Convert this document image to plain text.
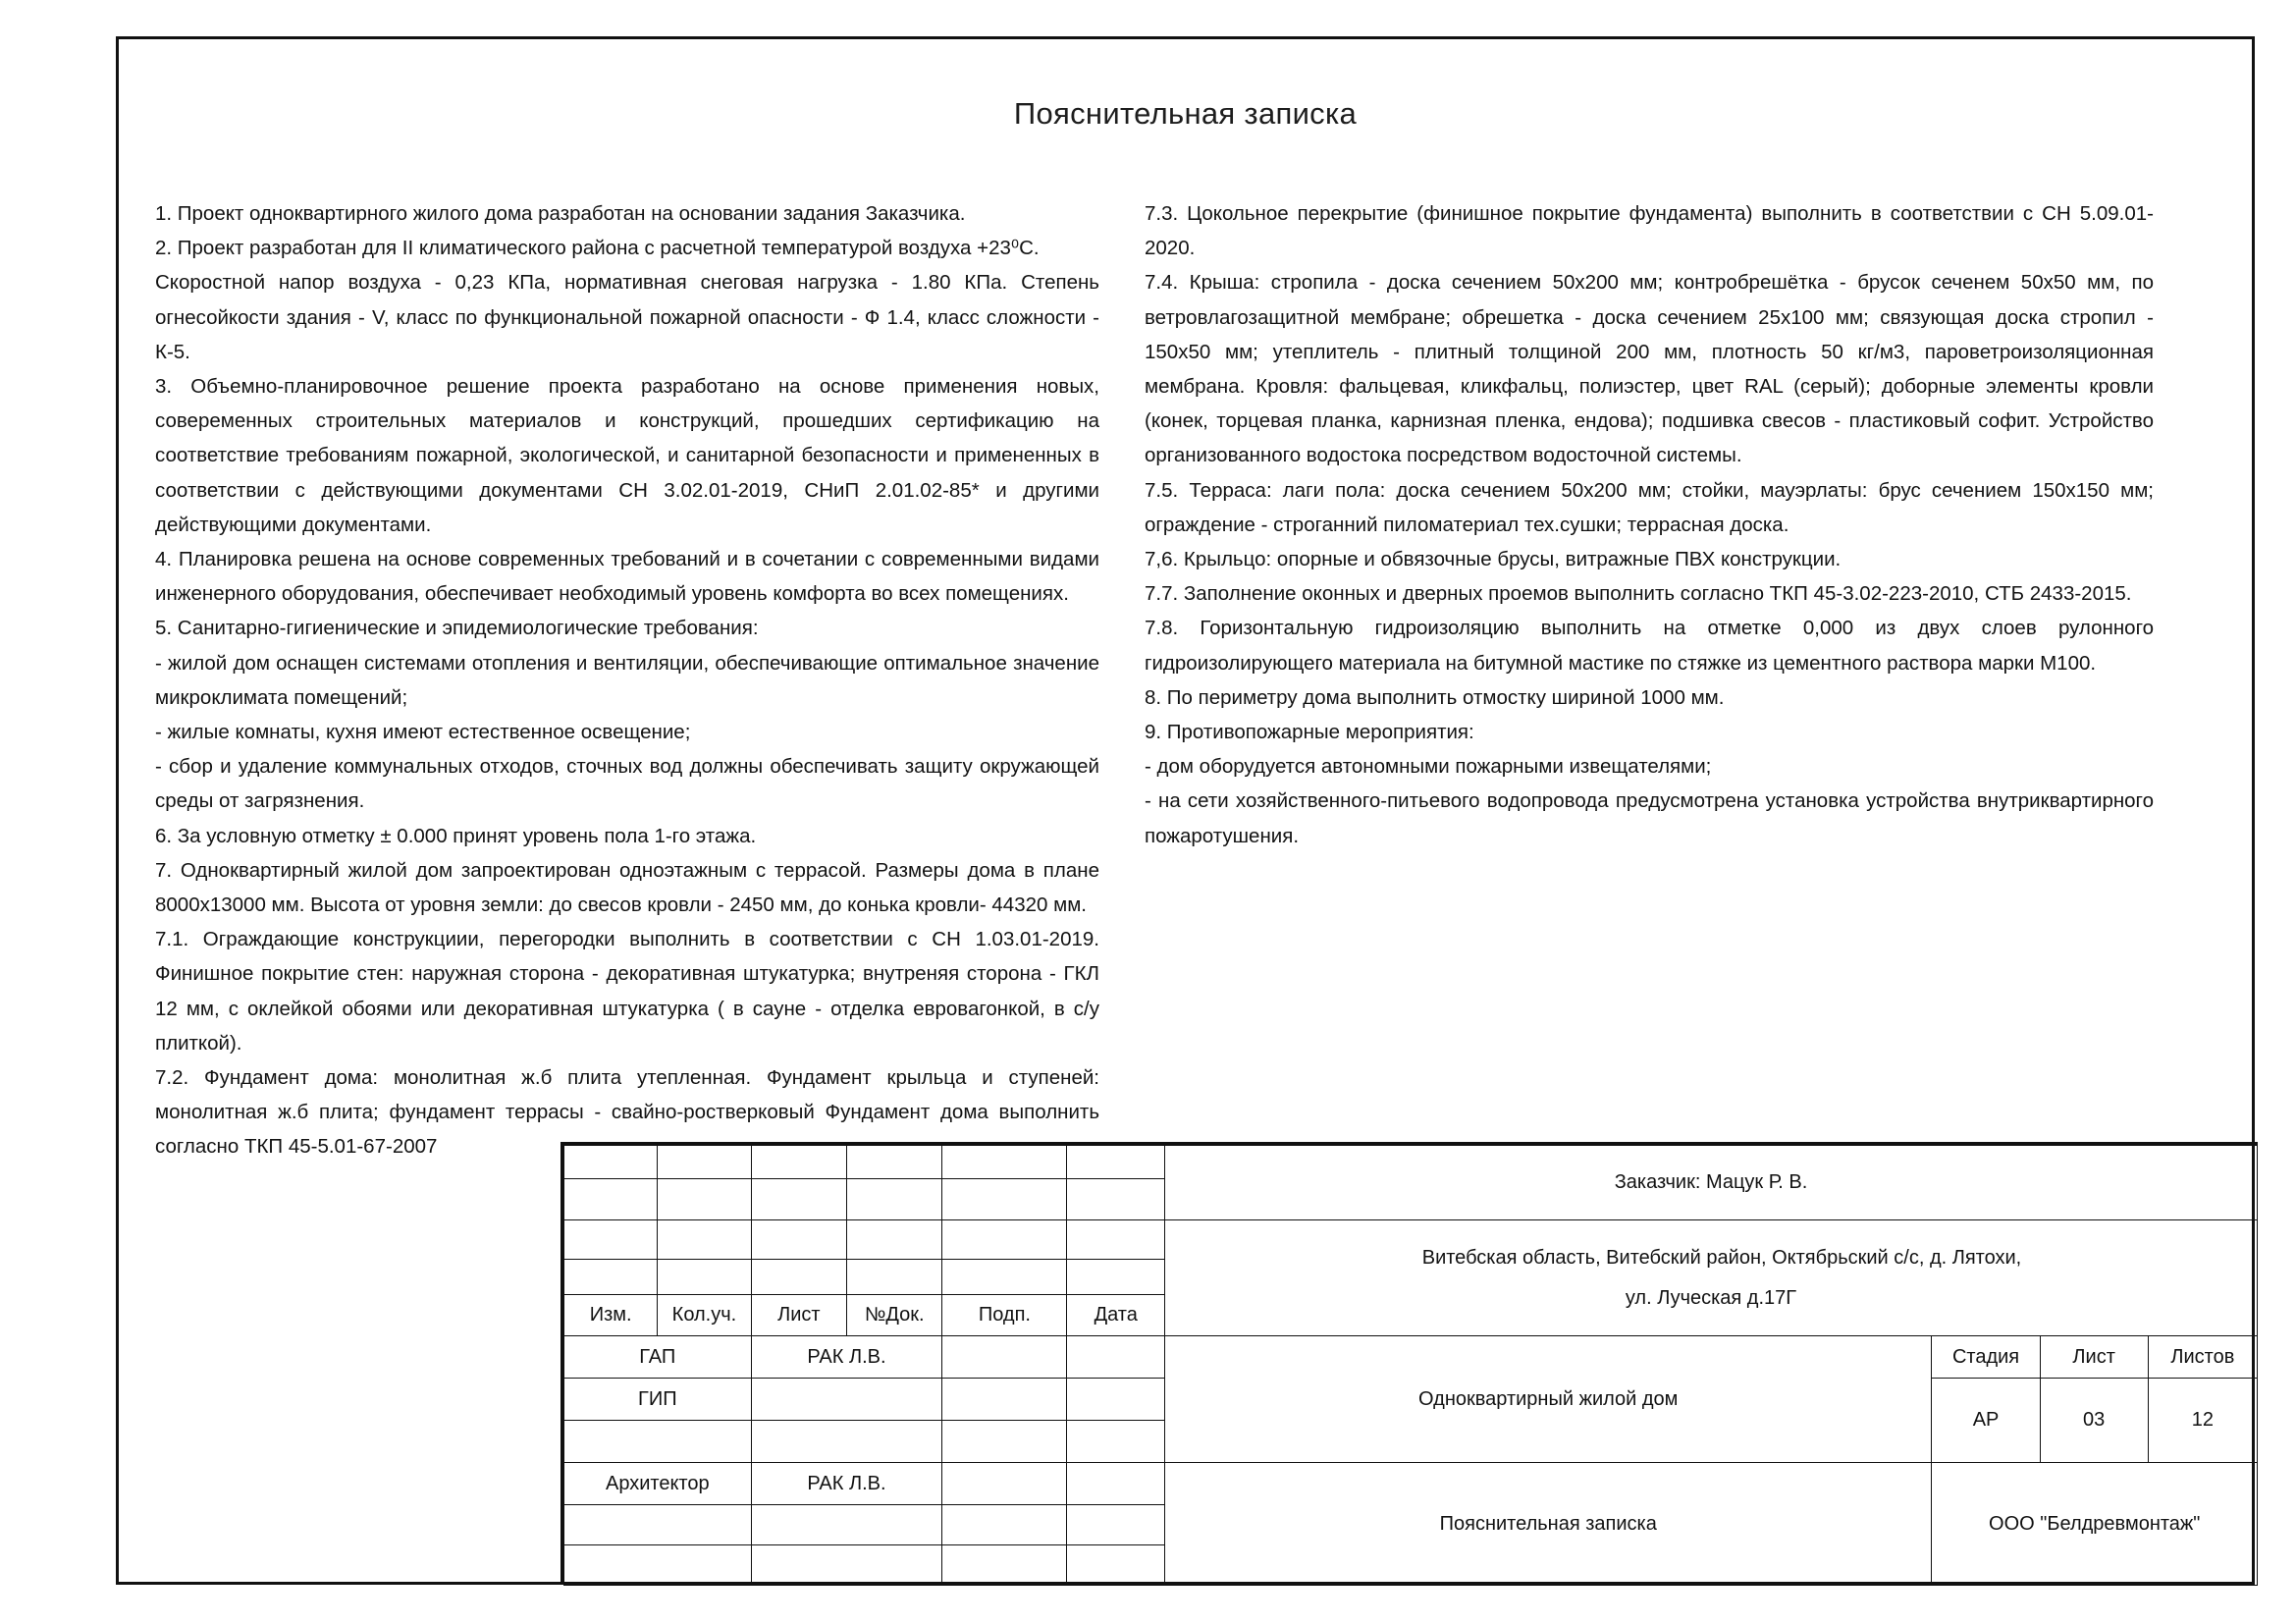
Пояснительная записка

1. Проект одноквартирного жилого дома разработан на основании задания Заказчика.

2. Проект разработан для II климатического района с расчетной температурой воздуха +23⁰С.

Скоростной напор воздуха - 0,23 КПа, нормативная снеговая нагрузка - 1.80 КПа. Степень огнесойкости здания - V, класс по функциональной пожарной опасности - Ф 1.4, класс сложности - К-5.

3. Объемно-планировочное решение проекта разработано на основе применения новых, совеременных строительных материалов и конструкций, прошедших сертификацию на соответствие требованиям пожарной, экологической, и санитарной безопасности и примененных в соответствии с действующими документами СН 3.02.01-2019, СНиП 2.01.02-85* и другими действующими документами.

4. Планировка решена на основе современных требований и в сочетании с современными видами инженерного оборудования, обеспечивает необходимый уровень комфорта во всех помещениях.

5. Санитарно-гигиенические и эпидемиологические требования:

- жилой дом оснащен системами отопления и вентиляции, обеспечивающие оптимальное значение микроклимата помещений;

- жилые комнаты, кухня имеют естественное освещение;

- сбор и удаление коммунальных отходов, сточных вод должны обеспечивать защиту окружающей среды от загрязнения.

6. За условную отметку ± 0.000 принят уровень пола 1-го этажа.

7. Одноквартирный жилой дом запроектирован одноэтажным с террасой. Размеры дома в плане 8000х13000 мм. Высота от уровня земли: до свесов кровли - 2450 мм, до конька кровли- 44320 мм.

7.1. Ограждающие конструкциии, перегородки выполнить в соответствии с СН 1.03.01-2019. Финишное покрытие стен: наружная сторона - декоративная штукатурка; внутреняя сторона - ГКЛ 12 мм, с оклейкой обоями или декоративная штукатурка ( в сауне - отделка евровагонкой, в с/у плиткой).

7.2. Фундамент дома: монолитная ж.б плита утепленная. Фундамент крыльца и ступеней: монолитная ж.б плита; фундамент террасы - свайно-ростверковый Фундамент дома выполнить согласно ТКП 45-5.01-67-2007

7.3. Цокольное перекрытие (финишное покрытие фундамента) выполнить в соответствии с СН 5.09.01-2020.

7.4. Крыша: стропила - доска сечением 50х200 мм; контробрешётка - брусок сеченем 50х50 мм, по ветровлагозащитной мембране; обрешетка - доска сечением 25х100 мм; связующая доска стропил - 150х50 мм; утеплитель - плитный толщиной 200 мм, плотность 50 кг/м3, пароветроизоляционная мембрана. Кровля: фальцевая, кликфальц, полиэстер, цвет RAL (серый); доборные элементы кровли (конек, торцевая планка, карнизная пленка, ендова); подшивка свесов - пластиковый софит. Устройство организованного водостока посредством водосточной системы.

7.5. Терраса: лаги пола: доска сечением 50х200 мм; стойки, мауэрлаты: брус сечением 150х150 мм; ограждение - строганний пиломатериал тех.сушки; террасная доска.

7,6. Крыльцо: опорные и обвязочные брусы, витражные ПВХ конструкции.

7.7. Заполнение оконных и дверных проемов выполнить согласно ТКП 45-3.02-223-2010, СТБ 2433-2015.

7.8. Горизонтальную гидроизоляцию выполнить на отметке 0,000 из двух слоев рулонного гидроизолирующего материала на битумной мастике по стяжке из цементного раствора марки М100.

8. По периметру дома выполнить отмостку шириной 1000 мм.

9. Противопожарные мероприятия:

- дом оборудуется автономными пожарными извещателями;

- на сети хозяйственного-питьевого водопровода предусмотрена установка устройства внутриквартирного пожаротушения.

						Заказчик: Мацук Р. В.			

						Витебская область, Витебский район, Октябрьский с/с, д. Лятохи,
ул. Лучeская д.17Г			

Изм.	Кол.уч.	Лист	№Док.	Подп.	Дата				
ГАП		РАК Л.В.				Одноквартирный жилой дом	Стадия	Лист	Листов
ГИП							АР	03	12

Архитектор		РАК Л.В.				Пояснительная записка	ООО "Белдревмонтаж"		
